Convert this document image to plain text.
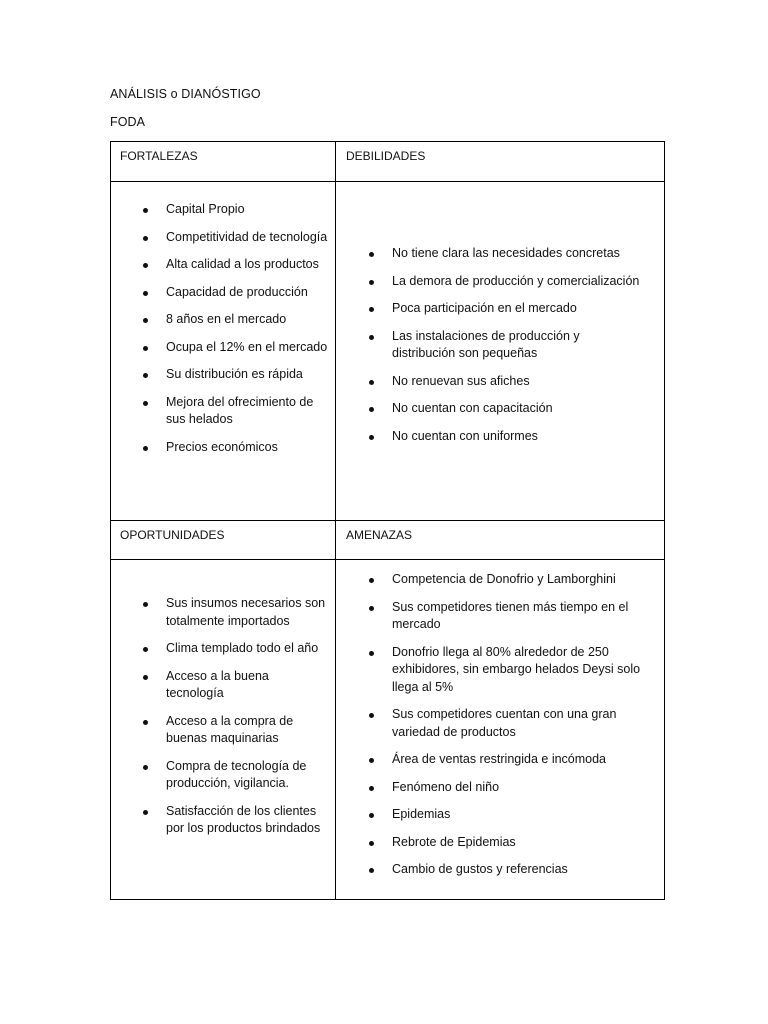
ANÁLISIS o DIANÓSTIGO
FODA
FORTALEZAS	DEBILIDADES
OPORTUNIDADES	AMENAZAS
Capital Propio
Competitividad de tecnología
Alta calidad a los productos
Capacidad de producción
8 años en el mercado
Ocupa el 12% en el mercado
Su distribución es rápida
Mejora del ofrecimiento de sus helados
Precios económicos
No tiene clara las necesidades concretas
La demora de producción y comercialización
Poca participación en el mercado
Las instalaciones de producción y distribución son pequeñas
No renuevan sus afiches
No cuentan con capacitación
No cuentan con uniformes
Sus insumos necesarios son totalmente importados
Clima templado todo el año
Acceso a la buena tecnología
Acceso a la compra de buenas maquinarias
Compra de tecnología de producción, vigilancia.
Satisfacción de los clientes por los productos brindados
Competencia de Donofrio y Lamborghini
Sus competidores tienen más tiempo en el mercado
Donofrio llega al 80% alrededor de 250 exhibidores, sin embargo helados Deysi solo llega al 5%
Sus competidores cuentan con una gran variedad de productos
Área de ventas restringida e incómoda
Fenómeno del niño
Epidemias
Rebrote de Epidemias
Cambio de gustos y referencias
